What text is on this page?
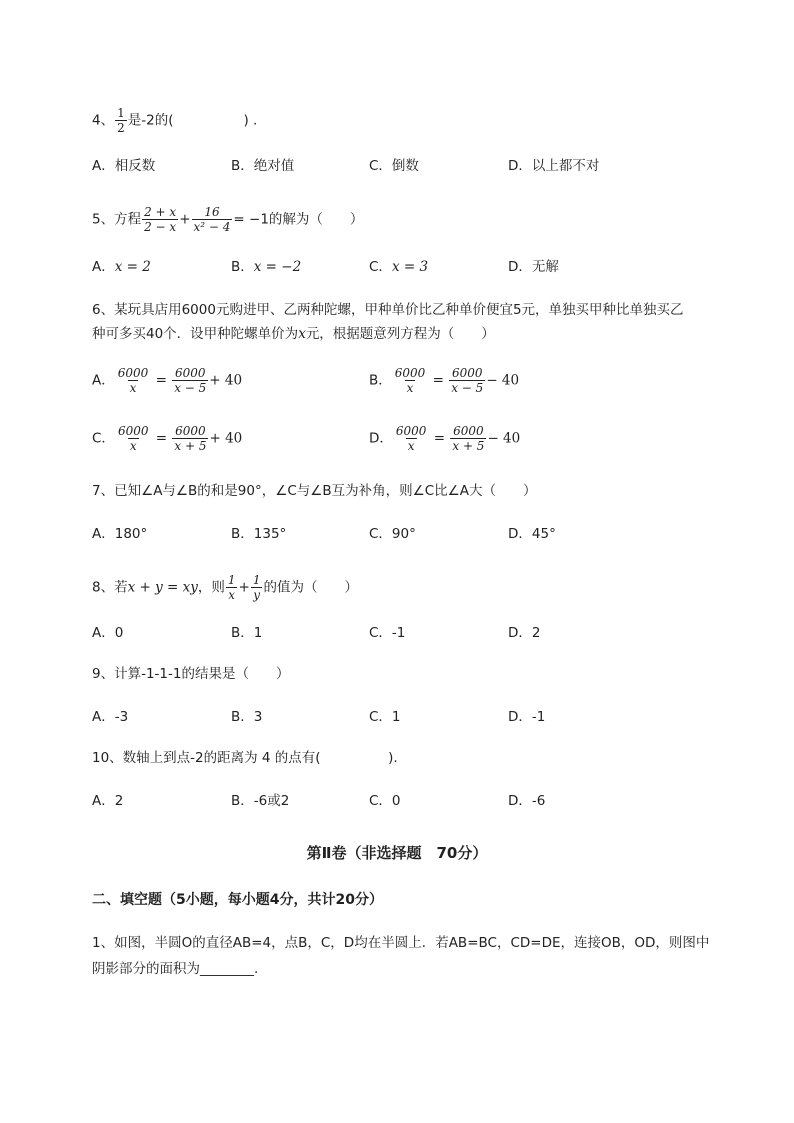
4、 $\frac{1}{2}$ 是-2的(	) .
A．相反数	B．绝对值	C．倒数	D．以上都不对
5、方程 $\frac{2 + x}{2 - x} + \frac{16}{\text{x² − 4}} = -1$的解为（　　）
A．x = 2	B．x = −2	C．x = 3	D．无解
6、某玩具店用6000元购进甲、乙两种陀螺，甲种单价比乙种单价便宜5元，单独买甲种比单独买乙
种可多买40个．设甲种陀螺单价为x元，根据题意列方程为（　　）
A． $\frac{6000}{x} = \frac{6000}{x - 5} + 40$	B． $\frac{6000}{x} = \frac{6000}{x - 5} - 40$
C． $\frac{6000}{x} = \frac{6000}{x + 5} + 40$	D． $\frac{6000}{x} = \frac{6000}{x + 5} - 40$
7、已知∠A与∠B的和是90°，∠C与∠B互为补角，则∠C比∠A大（　　）
A．180°	B．135°	C．90°	D．45°
8、若x + y = xy，则 $\frac{1}{x} + \frac{1}{y}$ 的值为（　　）
A．0	B．1	C．-1	D．2
9、计算-1-1-1的结果是（　　）
A．-3	B．3	C．1	D．-1
10、数轴上到点-2的距离为 4 的点有(　　　　　).
A．2	B．-6或2	C．0	D．-6
第Ⅱ卷（非选择题　70分）
二、填空题（5小题，每小题4分，共计20分）
1、如图，半圆O的直径AB=4，点B，C，D均在半圆上．若AB=BC，CD=DE，连接OB，OD，则图中
阴影部分的面积为________.
